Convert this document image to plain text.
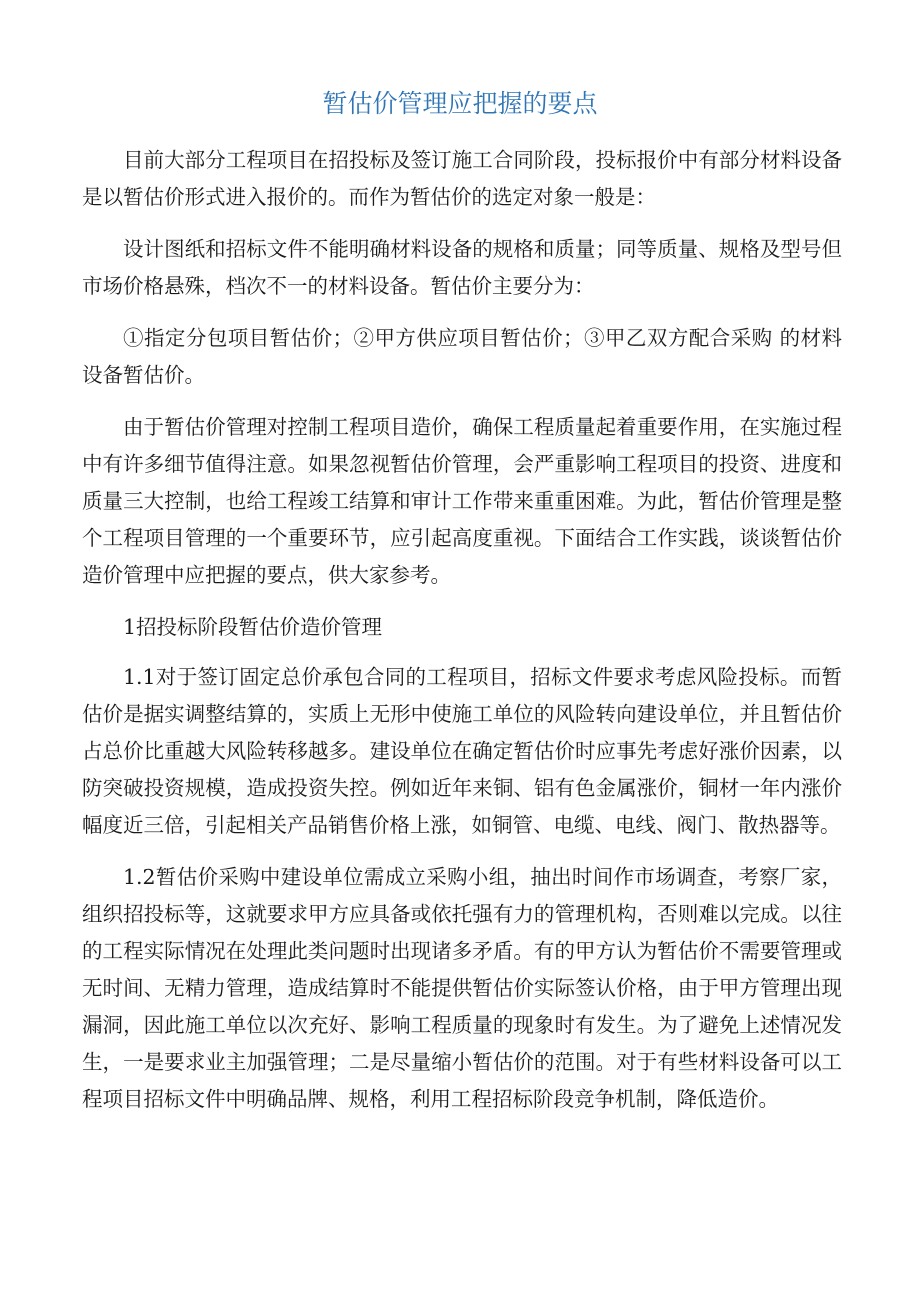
暂估价管理应把握的要点

目前大部分工程项目在招投标及签订施工合同阶段，投标报价中有部分材料设备是以暂估价形式进入报价的。而作为暂估价的选定对象一般是：

设计图纸和招标文件不能明确材料设备的规格和质量；同等质量、规格及型号但市场价格悬殊，档次不一的材料设备。暂估价主要分为：

①指定分包项目暂估价；②甲方供应项目暂估价；③甲乙双方配合采购 的材料设备暂估价。

由于暂估价管理对控制工程项目造价，确保工程质量起着重要作用，在实施过程中有许多细节值得注意。如果忽视暂估价管理，会严重影响工程项目的投资、进度和质量三大控制，也给工程竣工结算和审计工作带来重重困难。为此，暂估价管理是整个工程项目管理的一个重要环节，应引起高度重视。下面结合工作实践，谈谈暂估价造价管理中应把握的要点，供大家参考。

1招投标阶段暂估价造价管理

1.1对于签订固定总价承包合同的工程项目，招标文件要求考虑风险投标。而暂估价是据实调整结算的，实质上无形中使施工单位的风险转向建设单位，并且暂估价占总价比重越大风险转移越多。建设单位在确定暂估价时应事先考虑好涨价因素，以防突破投资规模，造成投资失控。例如近年来铜、铝有色金属涨价，铜材一年内涨价幅度近三倍，引起相关产品销售价格上涨，如铜管、电缆、电线、阀门、散热器等。

1.2暂估价采购中建设单位需成立采购小组，抽出时间作市场调查，考察厂家，组织招投标等，这就要求甲方应具备或依托强有力的管理机构，否则难以完成。以往的工程实际情况在处理此类问题时出现诸多矛盾。有的甲方认为暂估价不需要管理或无时间、无精力管理，造成结算时不能提供暂估价实际签认价格，由于甲方管理出现漏洞，因此施工单位以次充好、影响工程质量的现象时有发生。为了避免上述情况发生，一是要求业主加强管理；二是尽量缩小暂估价的范围。对于有些材料设备可以工程项目招标文件中明确品牌、规格，利用工程招标阶段竞争机制，降低造价。
